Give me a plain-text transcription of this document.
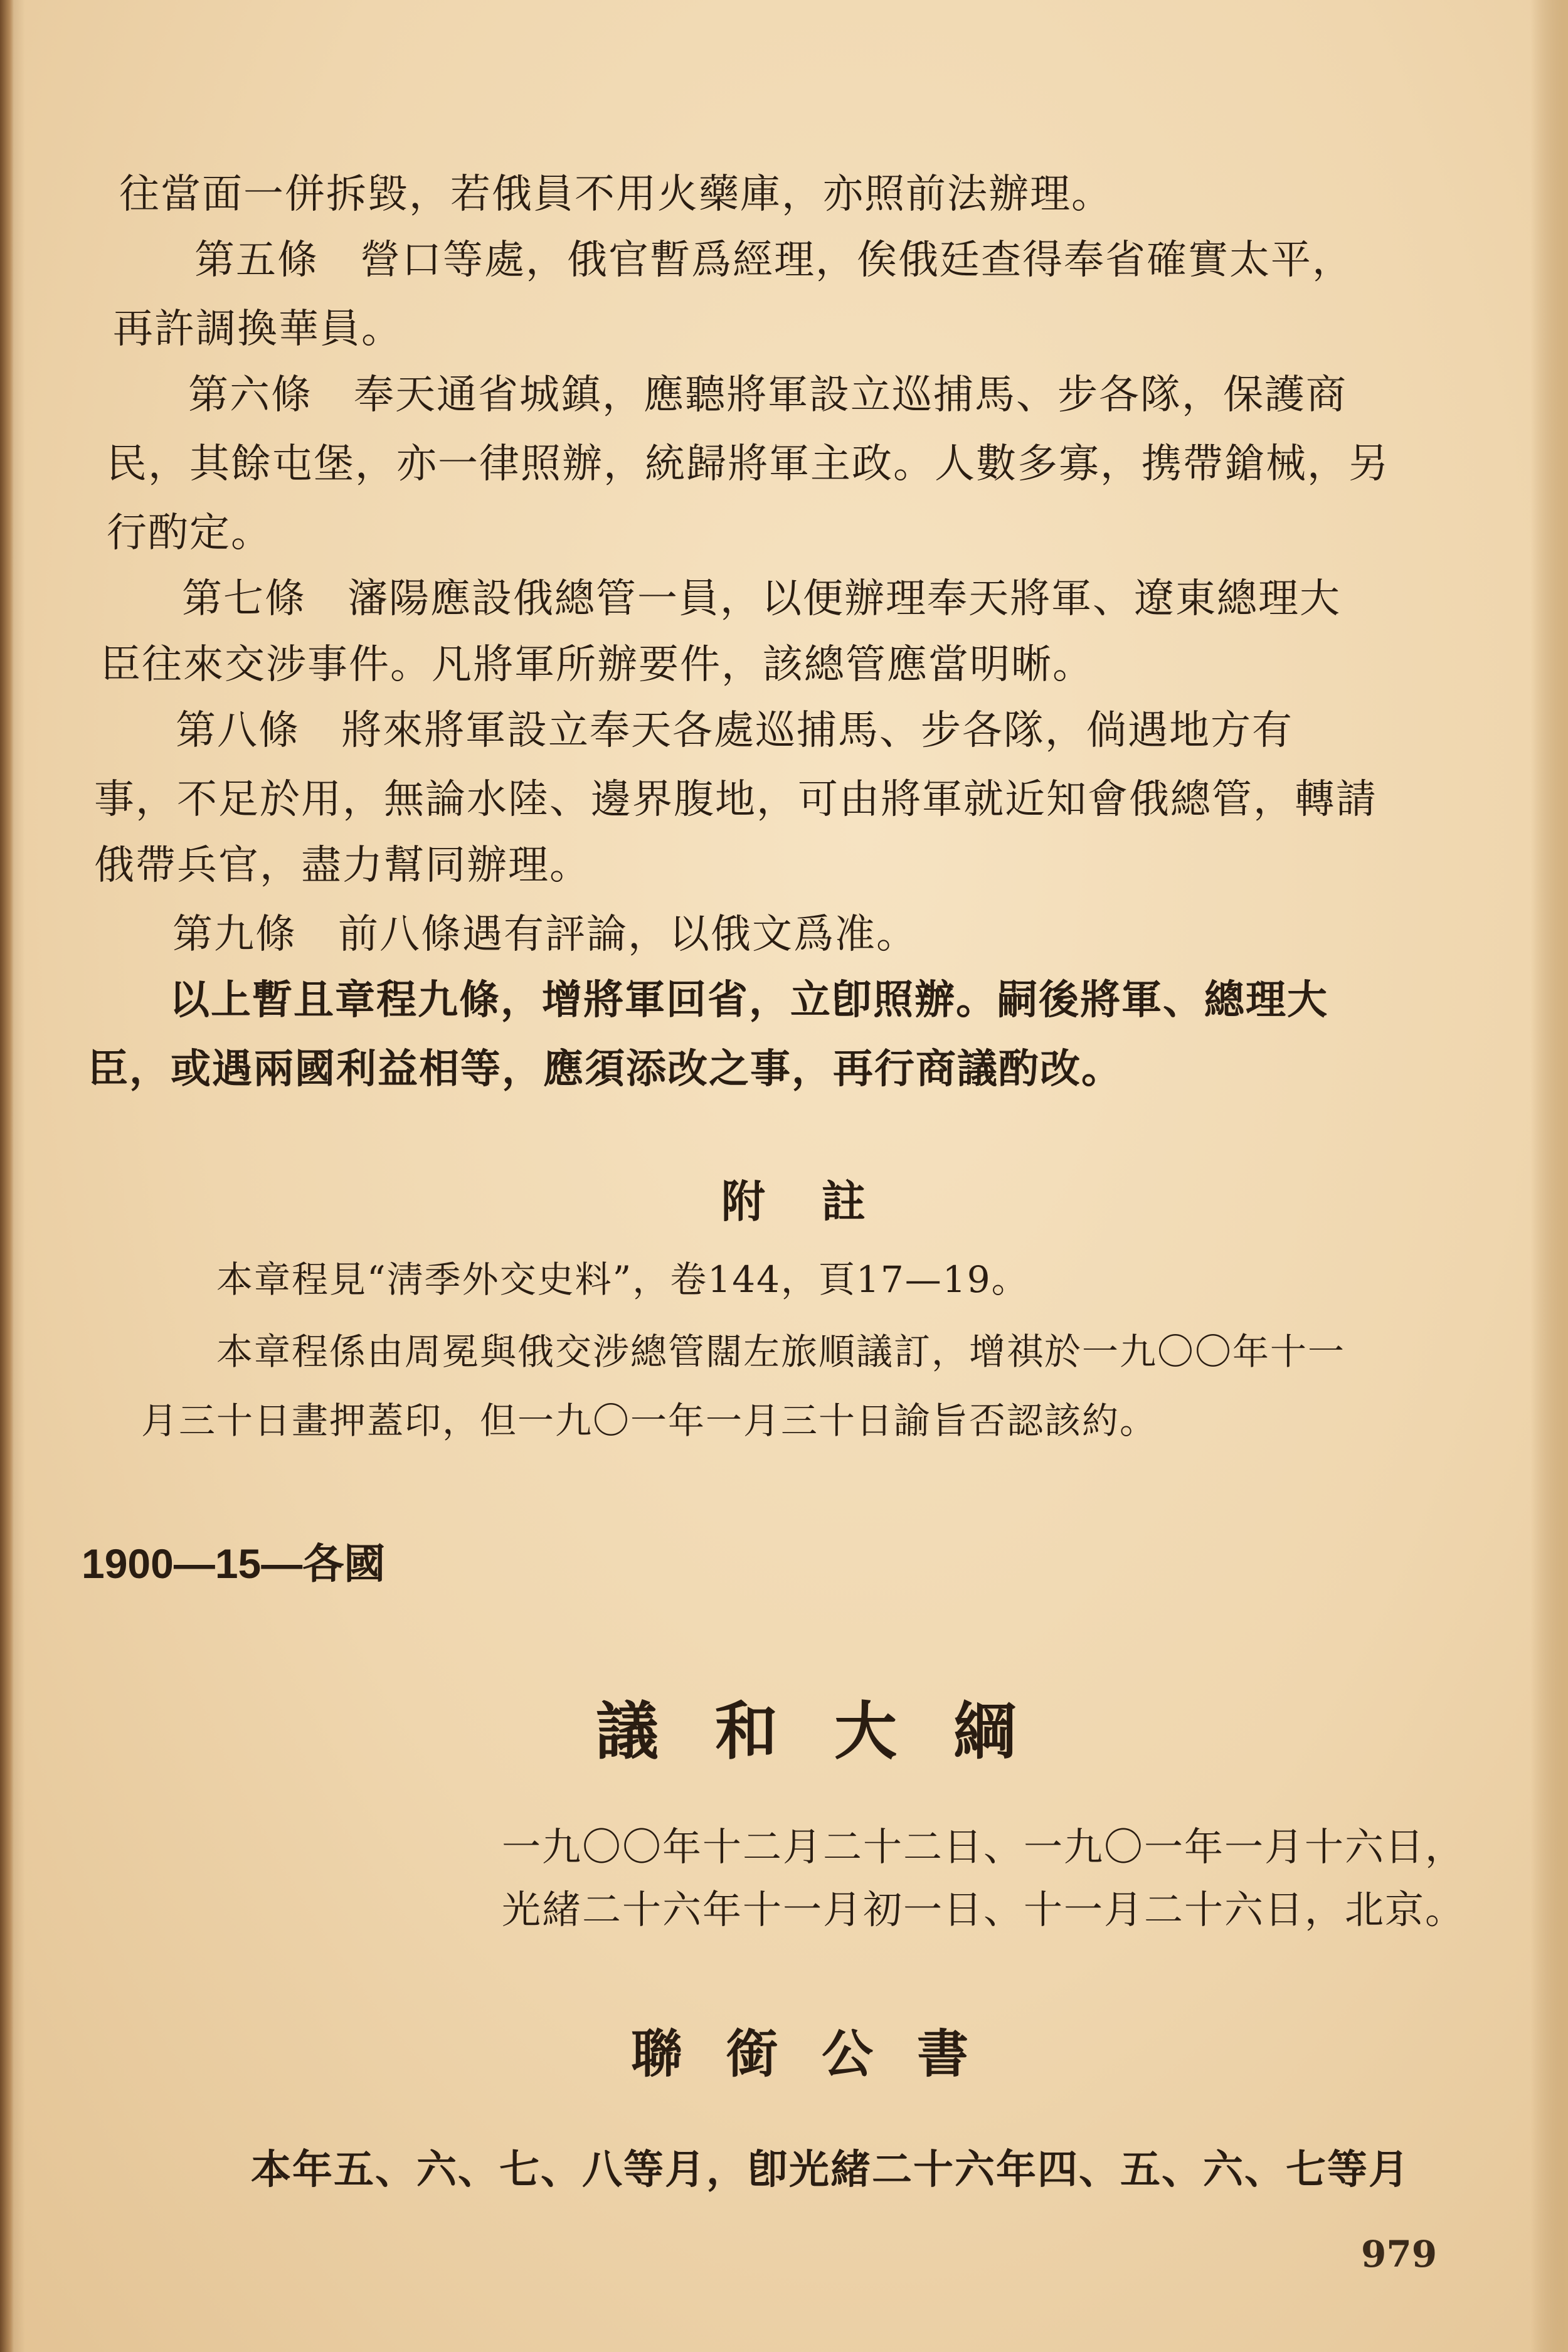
往當面一併拆毀，若俄員不用火藥庫，亦照前法辦理。
第五條　營口等處，俄官暫爲經理，俟俄廷查得奉省確實太平，
再許調換華員。
第六條　奉天通省城鎮，應聽將軍設立巡捕馬、步各隊，保護商
民，其餘屯堡，亦一律照辦，統歸將軍主政。人數多寡，携帶鎗械，另
行酌定。
第七條　瀋陽應設俄總管一員，以便辦理奉天將軍、遼東總理大
臣往來交涉事件。凡將軍所辦要件，該總管應當明晰。
第八條　將來將軍設立奉天各處巡捕馬、步各隊，倘遇地方有
事，不足於用，無論水陸、邊界腹地，可由將軍就近知會俄總管，轉請
俄帶兵官，盡力幫同辦理。
第九條　前八條遇有評論，以俄文爲准。
以上暫且章程九條，增將軍回省，立卽照辦。嗣後將軍、總理大
臣，或遇兩國利益相等，應須添改之事，再行商議酌改。
附註
本章程見“淸季外交史料”，卷144，頁17—19。
本章程係由周冕與俄交涉總管闊左旅順議訂，增祺於一九〇〇年十一
月三十日畫押蓋印，但一九〇一年一月三十日諭旨否認該約。
1900—15—各國
議和大綱
一九〇〇年十二月二十二日、一九〇一年一月十六日，
光緒二十六年十一月初一日、十一月二十六日，北京。
聯銜公書
本年五、六、七、八等月，卽光緒二十六年四、五、六、七等月
979
